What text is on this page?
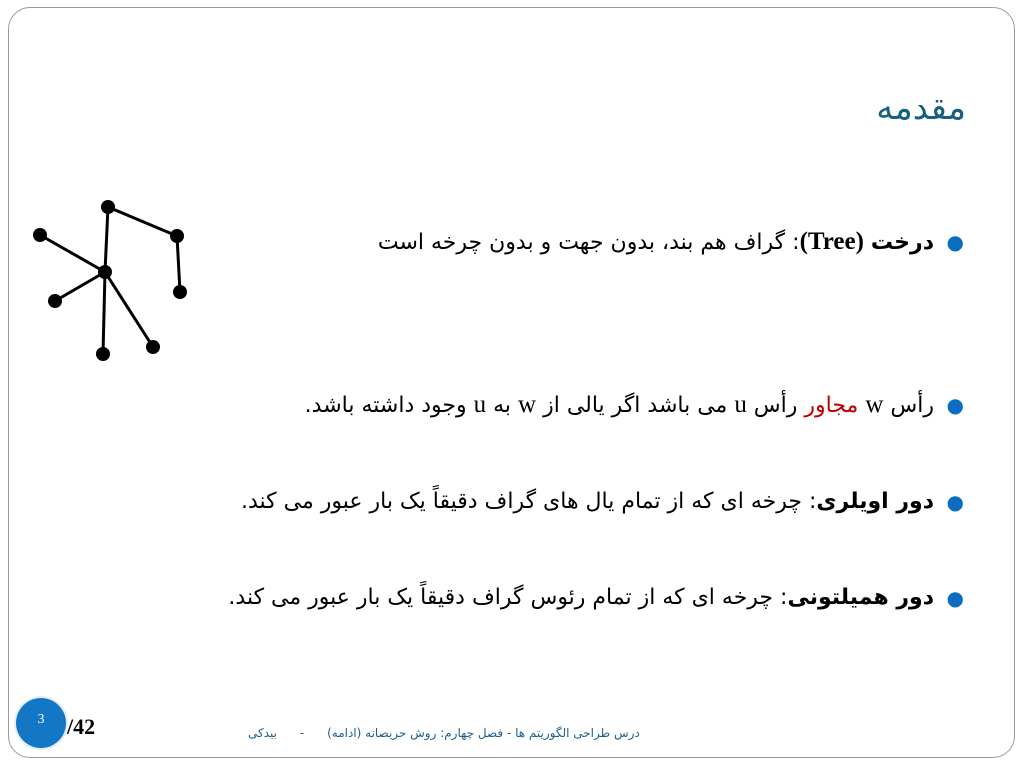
مقدمه
●
درخت (Tree): گراف هم بند، بدون جهت و بدون چرخه است
●
رأس w مجاور رأس u می باشد اگر یالی از w به u وجود داشته باشد.
●
دور اویلری: چرخه ای که از تمام یال های گراف دقیقاً یک بار عبور می کند.
●
دور همیلتونی: چرخه ای که از تمام رئوس گراف دقیقاً یک بار عبور می کند.
3	/42	درس طراحی الگوریتم ها - فصل چهارم: روش حریصانه (ادامه)      -      بیدکی
